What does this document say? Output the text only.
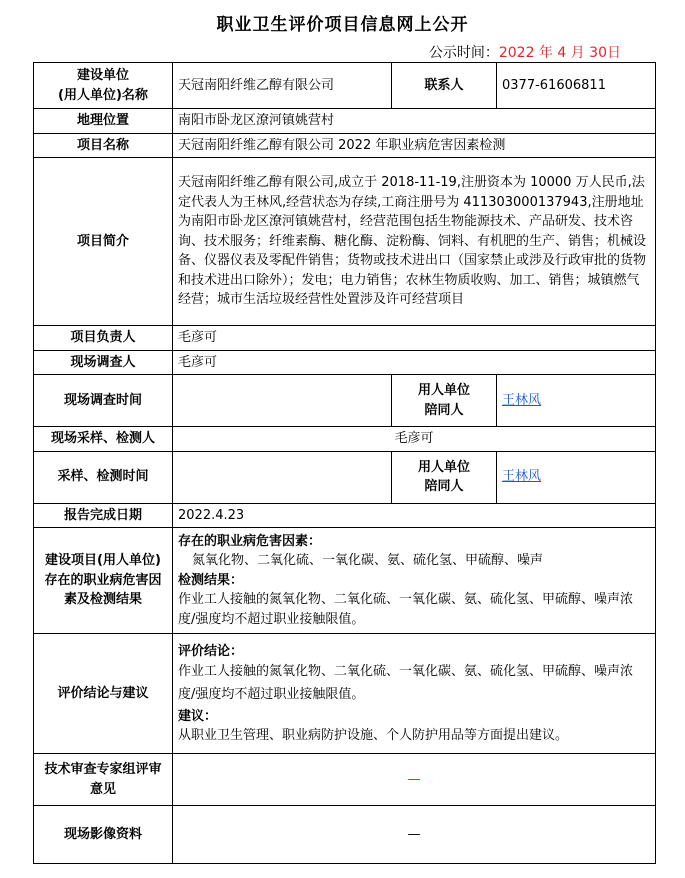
职业卫生评价项目信息网上公开
公示时间：2022 年 4 月 30日
建设单位
(用人单位)名称	天冠南阳纤维乙醇有限公司	联系人	0377-61606811
地理位置	南阳市卧龙区潦河镇姚营村		
项目名称	天冠南阳纤维乙醇有限公司 2022 年职业病危害因素检测		
项目简介	天冠南阳纤维乙醇有限公司,成立于 2018-11-19,注册资本为 10000 万人民币,法定代表人为王林风,经营状态为存续,工商注册号为 411303000137943,注册地址为南阳市卧龙区潦河镇姚营村，经营范围包括生物能源技术、产品研发、技术咨询、技术服务；纤维素酶、糖化酶、淀粉酶、饲料、有机肥的生产、销售；机械设备、仪器仪表及零配件销售；货物或技术进出口（国家禁止或涉及行政审批的货物和技术进出口除外）；发电；电力销售；农林生物质收购、加工、销售；城镇燃气经营；城市生活垃圾经营性处置涉及许可经营项目		
项目负责人	毛彦可		
现场调查人	毛彦可		
现场调查时间		用人单位陪同人	王林风
现场采样、检测人	毛彦可		
采样、检测时间		用人单位陪同人	王林风
报告完成日期	2022.4.23		
建设项目(用人单位)存在的职业病危害因素及检测结果	存在的职业病危害因素：
氮氧化物、二氧化硫、一氧化碳、氨、硫化氢、甲硫醇、噪声
检测结果：
作业工人接触的氮氧化物、二氧化硫、一氧化碳、氨、硫化氢、甲硫醇、噪声浓度/强度均不超过职业接触限值。		

评价结论与建议	评价结论：
作业工人接触的氮氧化物、二氧化硫、一氧化碳、氨、硫化氢、甲硫醇、噪声浓度/强度均不超过职业接触限值。
建议：
从职业卫生管理、职业病防护设施、个人防护用品等方面提出建议。		

技术审查专家组评审意见	—		
现场影像资料	—		
